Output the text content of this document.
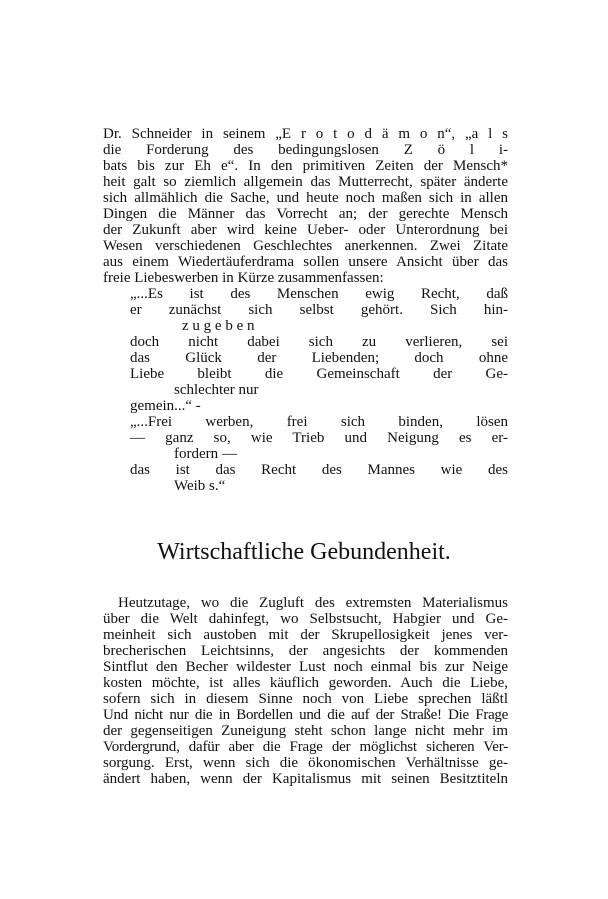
Dr. Schneider in seinem „E r o t o d ä m o n“, „a l s
die Forderung des bedingungslosen Z ö l i-
bats bis zur Eh e“. In den primitiven Zeiten der Mensch*
heit galt so ziemlich allgemein das Mutterrecht, später änderte
sich allmählich die Sache, und heute noch maßen sich in allen
Dingen die Männer das Vorrecht an; der gerechte Mensch
der Zukunft aber wird keine Ueber- oder Unterordnung bei
Wesen verschiedenen Geschlechtes anerkennen. Zwei Zitate
aus einem Wiedertäuferdrama sollen unsere Ansicht über das
freie Liebeswerben in Kürze zusammenfassen:
„...Es ist des Menschen ewig Recht, daß
er zunächst sich selbst gehört. Sich hin-
z u g e b e n
doch nicht dabei sich zu verlieren, sei
das Glück der Liebenden; doch ohne
Liebe bleibt die Gemeinschaft der Ge-
schlechter nur
gemein...“ -
„...Frei werben, frei sich binden, lösen
— ganz so, wie Trieb und Neigung es er-
fordern —
das ist das Recht des Mannes wie des
Weib s.“
Wirtschaftliche Gebundenheit.
Heutzutage, wo die Zugluft des extremsten Materialismus
über die Welt dahinfegt, wo Selbstsucht, Habgier und Ge-
meinheit sich austoben mit der Skrupellosigkeit jenes ver-
brecherischen Leichtsinns, der angesichts der kommenden
Sintflut den Becher wildester Lust noch einmal bis zur Neige
kosten möchte, ist alles käuflich geworden. Auch die Liebe,
sofern sich in diesem Sinne noch von Liebe sprechen läßtl
Und nicht nur die in Bordellen und die auf der Straße! Die Frage
der gegenseitigen Zuneigung steht schon lange nicht mehr im
Vordergrund, dafür aber die Frage der möglichst sicheren Ver-
sorgung. Erst, wenn sich die ökonomischen Verhältnisse ge-
ändert haben, wenn der Kapitalismus mit seinen Besitztiteln
